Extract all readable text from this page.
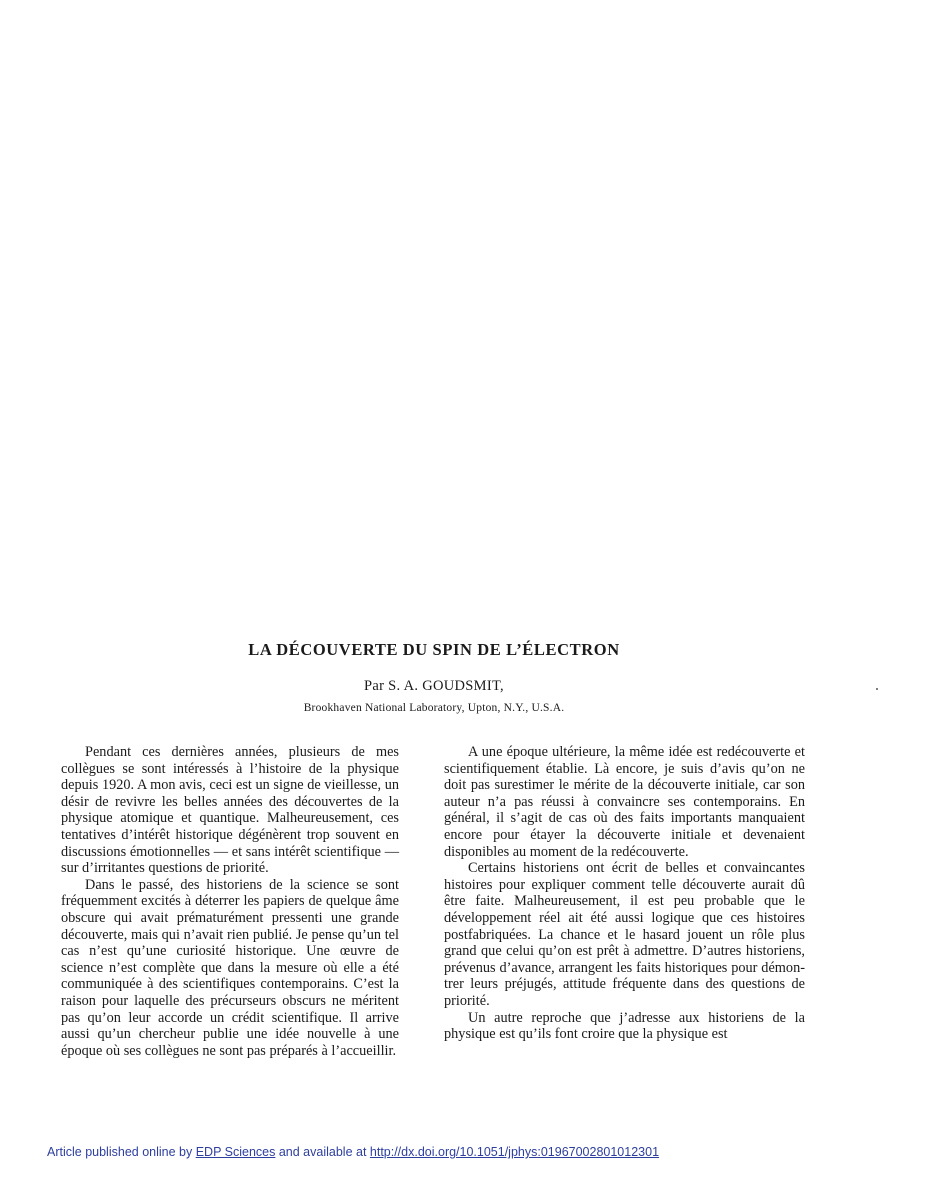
LA DÉCOUVERTE DU SPIN DE L’ÉLECTRON
Par S. A. GOUDSMIT,
Brookhaven National Laboratory, Upton, N.Y., U.S.A.

Pendant ces dernières années, plusieurs de mes collègues se sont intéressés à l’histoire de la physique depuis 1920. A mon avis, ceci est un signe de vieillesse, un désir de revivre les belles années des découvertes de la physique atomique et quantique. Malheureusement, ces tentatives d’intérêt historique dégénèrent trop souvent en discussions émotionnelles — et sans intérêt scientifique — sur d’irritantes questions de priorité.

Dans le passé, des historiens de la science se sont fréquemment excités à déterrer les papiers de quelque âme obscure qui avait prématurément pressenti une grande découverte, mais qui n’avait rien publié. Je pense qu’un tel cas n’est qu’une curiosité historique. Une œuvre de science n’est complète que dans la mesure où elle a été communiquée à des scientifiques contemporains. C’est la raison pour laquelle des précurseurs obscurs ne méritent pas qu’on leur accorde un crédit scientifique. Il arrive aussi qu’un chercheur publie une idée nouvelle à une époque où ses collègues ne sont pas préparés à l’accueillir.

A une époque ultérieure, la même idée est redécouverte et scientifiquement établie. Là encore, je suis d’avis qu’on ne doit pas surestimer le mérite de la découverte initiale, car son auteur n’a pas réussi à convaincre ses contemporains. En général, il s’agit de cas où des faits importants manquaient encore pour étayer la découverte initiale et devenaient disponibles au moment de la redécouverte.

Certains historiens ont écrit de belles et convaincantes histoires pour expliquer comment telle découverte aurait dû être faite. Malheureusement, il est peu probable que le développement réel ait été aussi logique que ces histoires postfabriquées. La chance et le hasard jouent un rôle plus grand que celui qu’on est prêt à admettre. D’autres historiens, prévenus d’avance, arrangent les faits historiques pour démontrer leurs préjugés, attitude fréquente dans des questions de priorité.

Un autre reproche que j’adresse aux historiens de la physique est qu’ils font croire que la physique est

Article published online by EDP Sciences and available at http://dx.doi.org/10.1051/jphys:01967002801012301
